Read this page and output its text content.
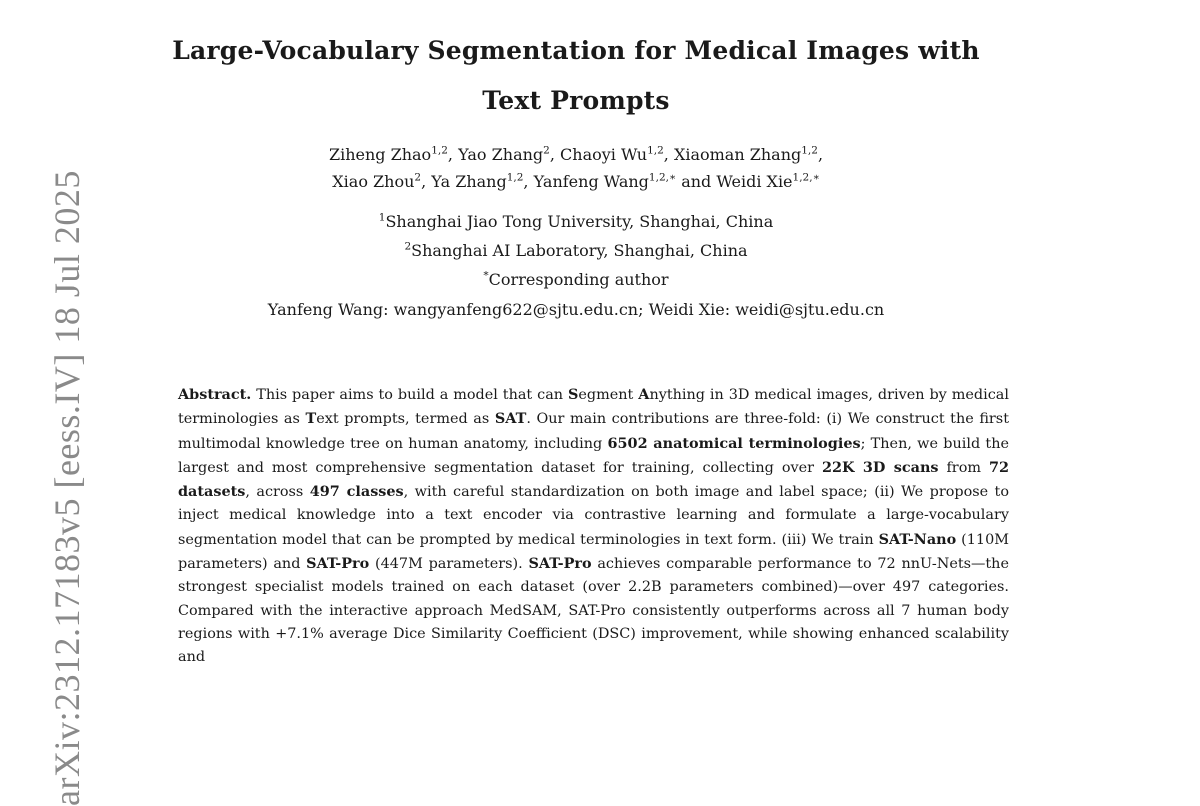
arXiv:2312.17183v5 [eess.IV] 18 Jul 2025
Large-Vocabulary Segmentation for Medical Images with Text Prompts
Ziheng Zhao$^{1,2}$, Yao Zhang$^2$, Chaoyi Wu$^{1,2}$, Xiaoman Zhang$^{1,2}$,
Xiao Zhou$^2$, Ya Zhang$^{1,2}$, Yanfeng Wang$^{1,2,∗}$ and Weidi Xie$^{1,2,∗}$
$^1$Shanghai Jiao Tong University, Shanghai, China
$^2$Shanghai AI Laboratory, Shanghai, China
*Corresponding author
Yanfeng Wang: wangyanfeng622@sjtu.edu.cn; Weidi Xie: weidi@sjtu.edu.cn

Abstract. This paper aims to build a model that can Segment Anything in 3D medical images, driven by medical terminologies as Text prompts, termed as SAT. Our main contributions are three-fold: (i) We construct the first multimodal knowledge tree on human anatomy, including 6502 anatomical terminologies; Then, we build the largest and most comprehensive segmentation dataset for training, collecting over 22K 3D scans from 72 datasets, across 497 classes, with careful standardization on both image and label space; (ii) We propose to inject medical knowledge into a text encoder via contrastive learning and formulate a large-vocabulary segmentation model that can be prompted by medical terminologies in text form. (iii) We train SAT-Nano (110M parameters) and SAT-Pro (447M parameters). SAT-Pro achieves comparable performance to 72 nnU-Nets—the strongest specialist models trained on each dataset (over 2.2B parameters combined)—over 497 categories. Compared with the interactive approach MedSAM, SAT-Pro consistently outperforms across all 7 human body regions with +7.1% average Dice Similarity Coefficient (DSC) improvement, while showing enhanced scalability and
